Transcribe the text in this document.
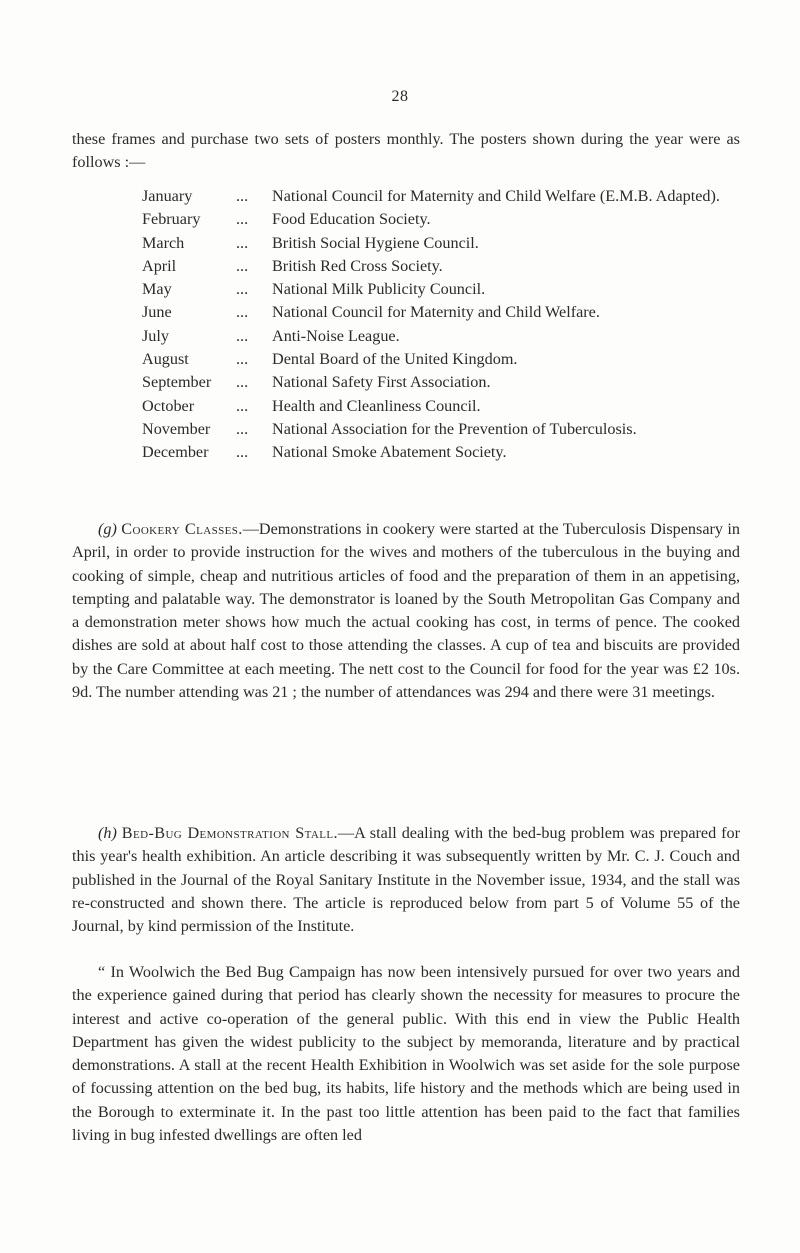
28

these frames and purchase two sets of posters monthly. The posters shown during the year were as follows :—

January	...	National Council for Maternity and Child Welfare (E.M.B. Adapted).
February	...	Food Education Society.
March	...	British Social Hygiene Council.
April	...	British Red Cross Society.
May	...	National Milk Publicity Council.
June	...	National Council for Maternity and Child Welfare.
July	...	Anti-Noise League.
August	...	Dental Board of the United Kingdom.
September	...	National Safety First Association.
October	...	Health and Cleanliness Council.
November	...	National Association for the Prevention of Tuberculosis.
December	...	National Smoke Abatement Society.

(g) Cookery Classes.—Demonstrations in cookery were started at the Tuberculosis Dispensary in April, in order to provide instruction for the wives and mothers of the tuberculous in the buying and cooking of simple, cheap and nutritious articles of food and the preparation of them in an appetising, tempting and palatable way. The demonstrator is loaned by the South Metropolitan Gas Company and a demonstration meter shows how much the actual cooking has cost, in terms of pence. The cooked dishes are sold at about half cost to those attending the classes. A cup of tea and biscuits are provided by the Care Committee at each meeting. The nett cost to the Council for food for the year was £2 10s. 9d. The number attending was 21 ; the number of attendances was 294 and there were 31 meetings.

(h) Bed-Bug Demonstration Stall.—A stall dealing with the bed-bug problem was prepared for this year's health exhibition. An article describing it was subsequently written by Mr. C. J. Couch and published in the Journal of the Royal Sanitary Institute in the November issue, 1934, and the stall was re-constructed and shown there. The article is reproduced below from part 5 of Volume 55 of the Journal, by kind permission of the Institute.

“ In Woolwich the Bed Bug Campaign has now been intensively pursued for over two years and the experience gained during that period has clearly shown the necessity for measures to procure the interest and active co-operation of the general public. With this end in view the Public Health Department has given the widest publicity to the subject by memoranda, literature and by practical demonstrations. A stall at the recent Health Exhibition in Woolwich was set aside for the sole purpose of focussing attention on the bed bug, its habits, life history and the methods which are being used in the Borough to exterminate it. In the past too little attention has been paid to the fact that families living in bug infested dwellings are often led
